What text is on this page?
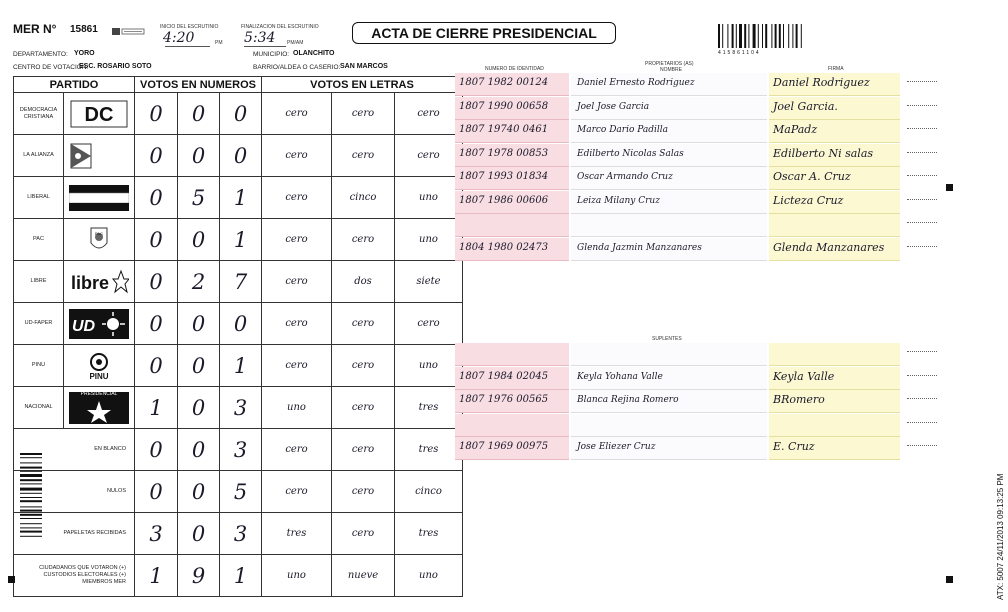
MER N° 15861	INICIO DEL ESCRUTINIO
4:20	PM
FINALIZACION DEL ESCRUTINIO
5:34 PM/AM
ACTA DE CIERRE PRESIDENCIAL
415861104
DEPARTAMENTO: YORO	MUNICIPIO: OLANCHITO
CENTRO DE VOTACION:
ESC. ROSARIO SOTO	BARRIO/ALDEA O CASERIO: SAN MARCOS
PARTIDO		VOTOS EN NUMEROS			VOTOS EN LETRAS		
DEMOCRACIA CRISTIANA	DC	0	0	0	cero	cero	cero
LA ALIANZA		0	0	0	cero	cero	cero
LIBERAL		0	5	1	cero	cinco	uno
PAC	PAC	0	0	1	cero	cero	uno
LIBRE	libre	0	2	7	cero	dos	siete
UD-FAPER	UD	0	0	0	cero	cero	cero
PINU	PINU	0	0	1	cero	cero	uno
NACIONAL	PRESIDENCIAL	1	0	3	uno	cero	tres
EN BLANCO		0	0	3	cero	cero	tres
NULOS		0	0	5	cero	cero	cinco
PAPELETAS RECIBIDAS		3	0	3	tres	cero	tres
CIUDADANOS QUE VOTARON (+) CUSTODIOS ELECTORALES (+) MIEMBROS MER		1	9	1	uno	nueve	uno
NUMERO DE IDENTIDAD
PROPIETARIOS (AS)
NOMBRE	FIRMA
1807 1982 00124	Daniel Ernesto Rodriguez	Daniel Rodriguez
1807 1990 00658	Joel Jose Garcia	Joel Garcia.
1807 19740 0461	Marco Dario Padilla	MaPadz
1807 1978 00853	Edilberto Nicolas Salas	Edilberto Ni salas
1807 1993 01834	Oscar Armando Cruz	Oscar A. Cruz
1807 1986 00606	Leiza Milany Cruz	Licteza Cruz
1804 1980 02473	Glenda Jazmin Manzanares	Glenda Manzanares
SUPLENTES
1807 1984 02045	Keyla Yohana Valle	Keyla Valle
1807 1976 00565	Blanca Rejina Romero	BRomero
1807 1969 00975	Jose Eliezer Cruz	E. Cruz
ATX: 5007 24/11/2013 09:13:25 PM
